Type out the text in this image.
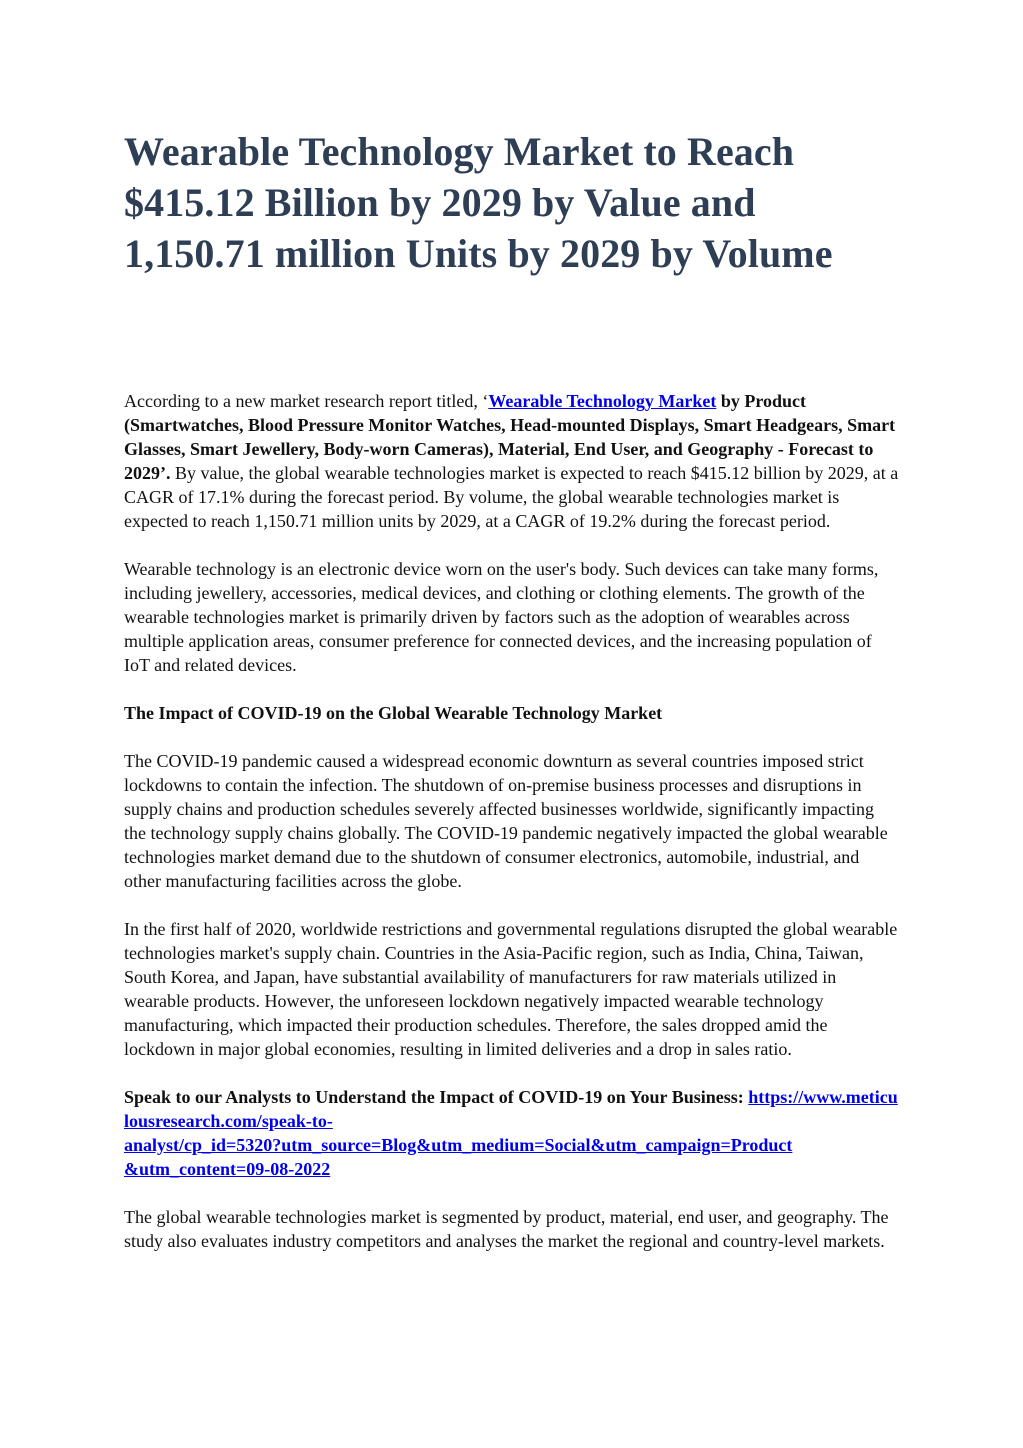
Wearable Technology Market to Reach $415.12 Billion by 2029 by Value and 1,150.71 million Units by 2029 by Volume

According to a new market research report titled, ‘Wearable Technology Market by Product (Smartwatches, Blood Pressure Monitor Watches, Head-mounted Displays, Smart Headgears, Smart Glasses, Smart Jewellery, Body-worn Cameras), Material, End User, and Geography - Forecast to 2029’. By value, the global wearable technologies market is expected to reach $415.12 billion by 2029, at a CAGR of 17.1% during the forecast period. By volume, the global wearable technologies market is expected to reach 1,150.71 million units by 2029, at a CAGR of 19.2% during the forecast period.

Wearable technology is an electronic device worn on the user's body. Such devices can take many forms, including jewellery, accessories, medical devices, and clothing or clothing elements. The growth of the wearable technologies market is primarily driven by factors such as the adoption of wearables across multiple application areas, consumer preference for connected devices, and the increasing population of IoT and related devices.

The Impact of COVID-19 on the Global Wearable Technology Market

The COVID-19 pandemic caused a widespread economic downturn as several countries imposed strict lockdowns to contain the infection. The shutdown of on-premise business processes and disruptions in supply chains and production schedules severely affected businesses worldwide, significantly impacting the technology supply chains globally. The COVID-19 pandemic negatively impacted the global wearable technologies market demand due to the shutdown of consumer electronics, automobile, industrial, and other manufacturing facilities across the globe.

In the first half of 2020, worldwide restrictions and governmental regulations disrupted the global wearable technologies market's supply chain. Countries in the Asia-Pacific region, such as India, China, Taiwan, South Korea, and Japan, have substantial availability of manufacturers for raw materials utilized in wearable products. However, the unforeseen lockdown negatively impacted wearable technology manufacturing, which impacted their production schedules. Therefore, the sales dropped amid the lockdown in major global economies, resulting in limited deliveries and a drop in sales ratio.

Speak to our Analysts to Understand the Impact of COVID-19 on Your Business: https://www.meticulousresearch.com/speak-to-
analyst/cp_id=5320?utm_source=Blog&utm_medium=Social&utm_campaign=Product
&utm_content=09-08-2022

The global wearable technologies market is segmented by product, material, end user, and geography. The study also evaluates industry competitors and analyses the market the regional and country-level markets.
